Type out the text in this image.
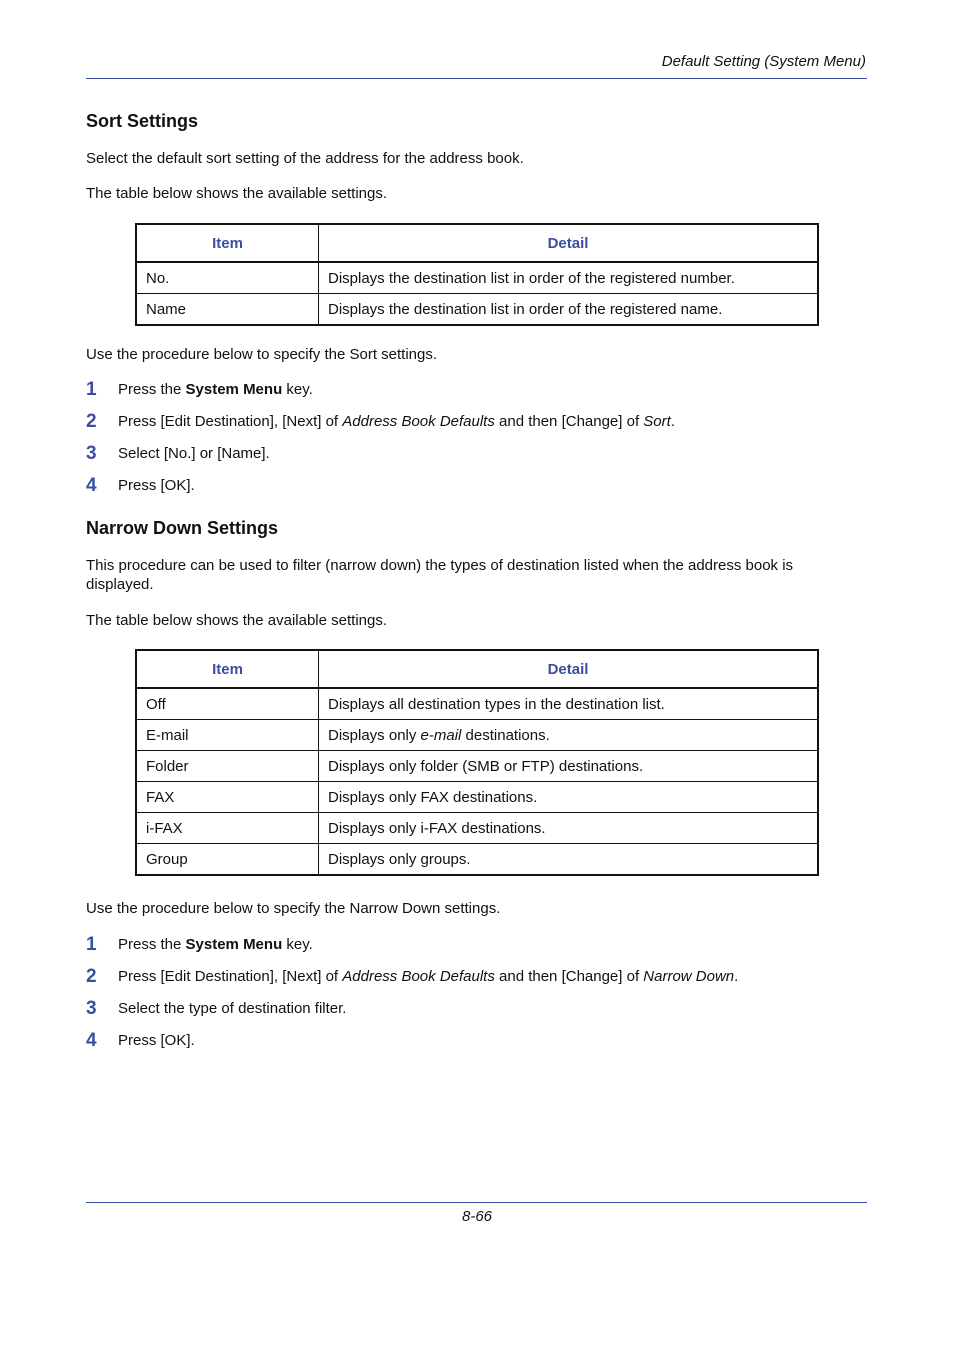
Default Setting (System Menu)
Sort Settings
Select the default sort setting of the address for the address book.
The table below shows the available settings.
Item	Detail
No.	Displays the destination list in order of the registered number.
Name	Displays the destination list in order of the registered name.
Use the procedure below to specify the Sort settings.
1 Press the System Menu key.
2 Press [Edit Destination], [Next] of Address Book Defaults and then [Change] of Sort.
3 Select [No.] or [Name].
4 Press [OK].
Narrow Down Settings
This procedure can be used to filter (narrow down) the types of destination listed when the address book is displayed.
The table below shows the available settings.
Item	Detail
Off	Displays all destination types in the destination list.
E-mail	Displays only e-mail destinations.
Folder	Displays only folder (SMB or FTP) destinations.
FAX	Displays only FAX destinations.
i-FAX	Displays only i-FAX destinations.
Group	Displays only groups.
Use the procedure below to specify the Narrow Down settings.
1 Press the System Menu key.
2 Press [Edit Destination], [Next] of Address Book Defaults and then [Change] of Narrow Down.
3 Select the type of destination filter.
4 Press [OK].
8-66
